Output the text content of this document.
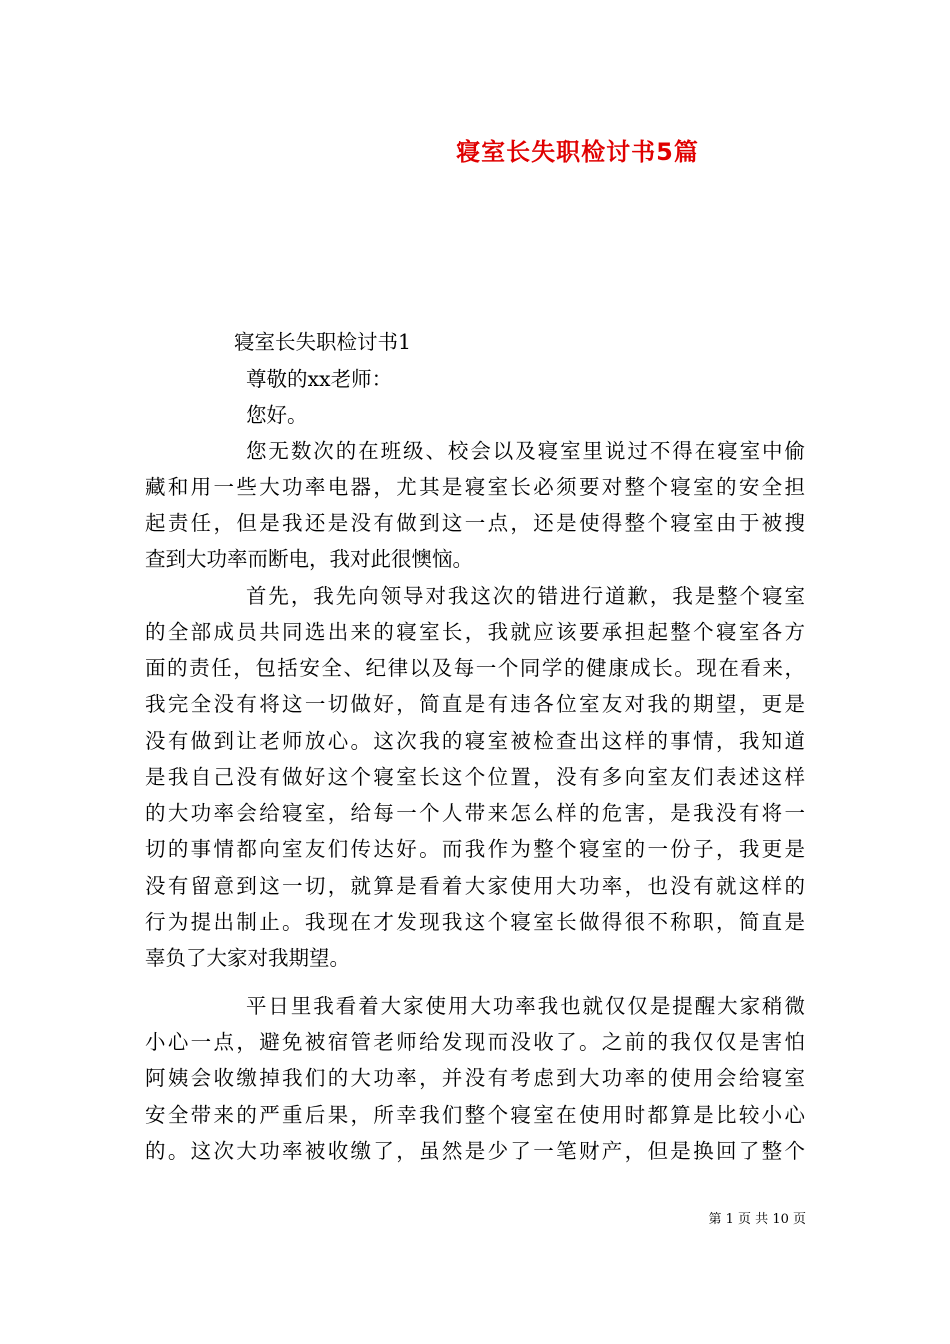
寝室长失职检讨书5篇
寝室长失职检讨书1
尊敬的xx老师：
您好。
您无数次的在班级、校会以及寝室里说过不得在寝室中偷
藏和用一些大功率电器，尤其是寝室长必须要对整个寝室的安全担
起责任，但是我还是没有做到这一点，还是使得整个寝室由于被搜
查到大功率而断电，我对此很懊恼。
首先，我先向领导对我这次的错进行道歉，我是整个寝室
的全部成员共同选出来的寝室长，我就应该要承担起整个寝室各方
面的责任，包括安全、纪律以及每一个同学的健康成长。现在看来，
我完全没有将这一切做好，简直是有违各位室友对我的期望，更是
没有做到让老师放心。这次我的寝室被检查出这样的事情，我知道
是我自己没有做好这个寝室长这个位置，没有多向室友们表述这样
的大功率会给寝室，给每一个人带来怎么样的危害，是我没有将一
切的事情都向室友们传达好。而我作为整个寝室的一份子，我更是
没有留意到这一切，就算是看着大家使用大功率，也没有就这样的
行为提出制止。我现在才发现我这个寝室长做得很不称职，简直是
辜负了大家对我期望。
平日里我看着大家使用大功率我也就仅仅是提醒大家稍微
小心一点，避免被宿管老师给发现而没收了。之前的我仅仅是害怕
阿姨会收缴掉我们的大功率，并没有考虑到大功率的使用会给寝室
安全带来的严重后果，所幸我们整个寝室在使用时都算是比较小心
的。这次大功率被收缴了，虽然是少了一笔财产，但是换回了整个
第 1 页 共 10 页
